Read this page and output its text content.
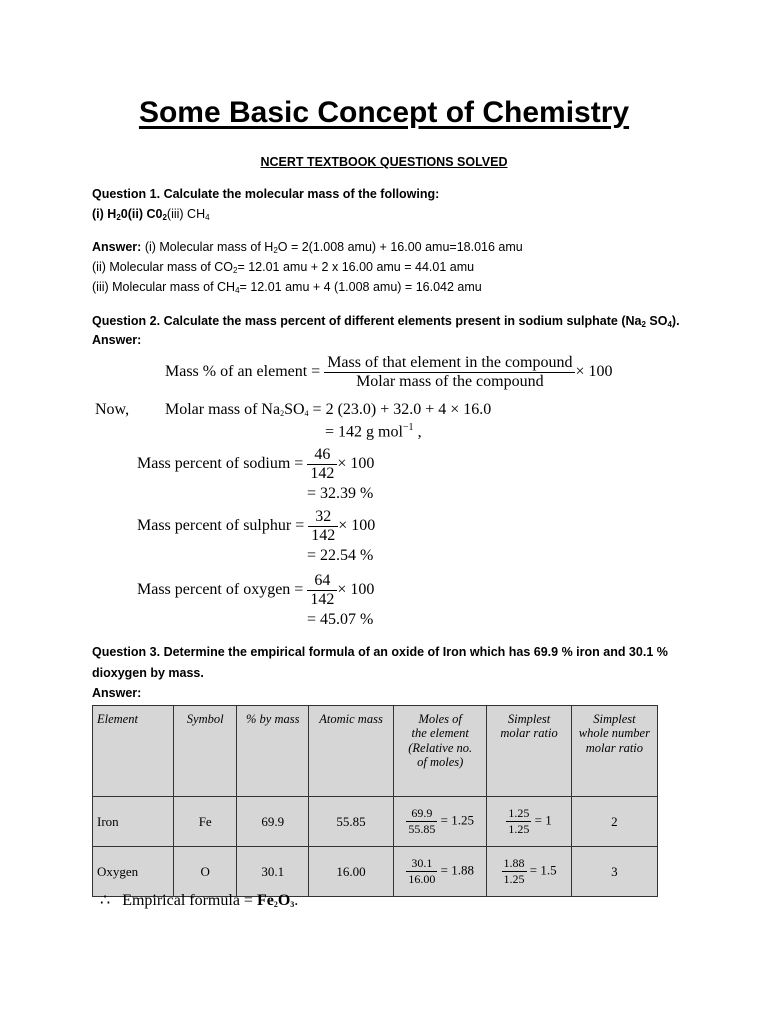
Some Basic Concept of Chemistry
NCERT TEXTBOOK QUESTIONS SOLVED
Question 1. Calculate the molecular mass of the following:
(i) $H_20(ii)$ $C0_2(iii)$ $CH_4$
Answer: (i) Molecular mass of $H_2O = 2(1.008$ amu) + 16.00 amu=18.016 amu
(ii) Molecular mass of $CO_2= 12.01$ amu + 2 x 16.00 amu = 44.01 amu
(iii) Molecular mass of $CH_4= 12.01$ amu + 4 (1.008 amu) = 16.042 amu
Question 2. Calculate the mass percent of different elements present in sodium sulphate ($Na_2$ $SO_4$).
Answer:
Mass % of an element = $\frac{\text{Mass of that element in the compound}}{\text{Molar mass of the compound}} \times 100$
Now, Molar mass of $Na_2SO_4 = 2$ (23.0) + 32.0 + 4 × 16.0
= 142 g mol$^{-1}$ ,
Mass percent of sodium = $\frac{46}{142} \times 100$
= 32.39 %
Mass percent of sulphur = $\frac{32}{142} \times 100$
= 22.54 %
Mass percent of oxygen = $\frac{64}{142} \times 100$
= 45.07 %
Question 3. Determine the empirical formula of an oxide of Iron which has 69.9 % iron and 30.1 %
dioxygen by mass.
Answer:
Element	Symbol	% by mass	Atomic mass	Moles of
the element
(Relative no.
of moles)	Simplest
molar ratio	Simplest
whole number
molar ratio
Iron	Fe	69.9	55.85	$\frac{69.9}{55.85} = 1.25$	$\frac{1.25}{1.25} = 1$	2
Oxygen	O	30.1	16.00	$\frac{30.1}{16.00} = 1.88$	$\frac{1.88}{1.25} = 1.5$	3
∴ Empirical formula = $Fe_2O_3$.
